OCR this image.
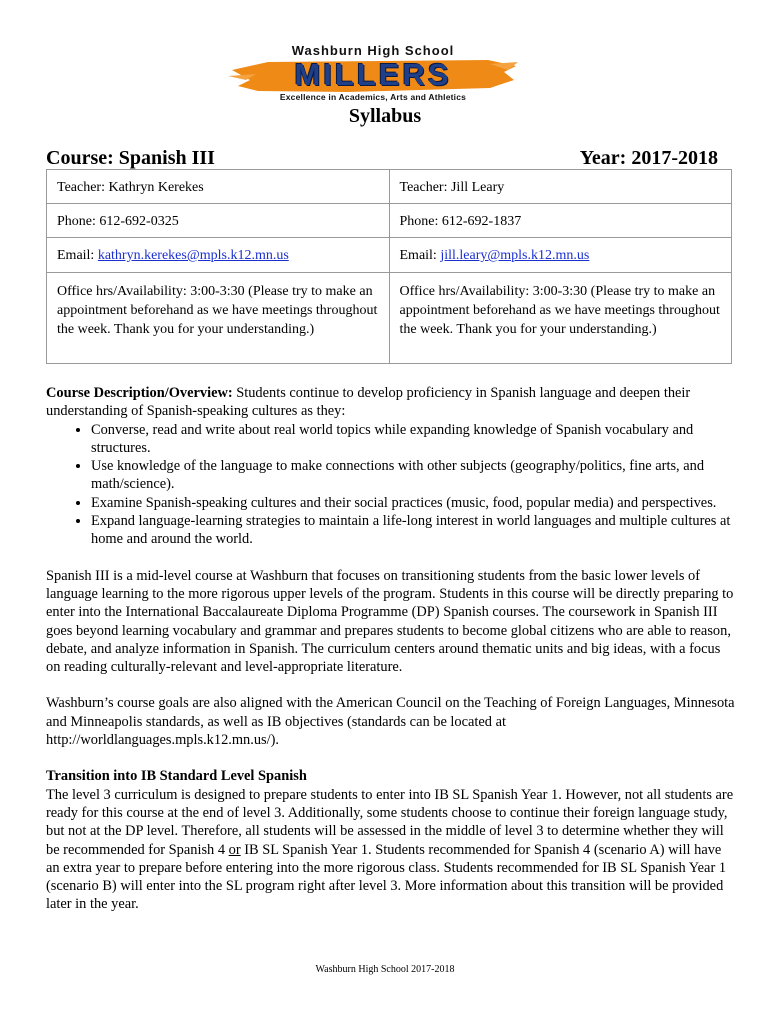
Washburn High School
MILLERS
Excellence in Academics, Arts and Athletics
Syllabus
Course: Spanish III	Year: 2017-2018
Teacher: Kathryn Kerekes	Teacher: Jill Leary
Phone: 612-692-0325	Phone: 612-692-1837
Email: kathryn.kerekes@mpls.k12.mn.us	Email: jill.leary@mpls.k12.mn.us
Office hrs/Availability: 3:00-3:30 (Please try to make an appointment beforehand as we have meetings throughout the week. Thank you for your understanding.)	Office hrs/Availability: 3:00-3:30 (Please try to make an appointment beforehand as we have meetings throughout the week. Thank you for your understanding.)

Course Description/Overview: Students continue to develop proficiency in Spanish language and deepen their understanding of Spanish-speaking cultures as they:

• Converse, read and write about real world topics while expanding knowledge of Spanish vocabulary and structures.
• Use knowledge of the language to make connections with other subjects (geography/politics, fine arts, and math/science).
• Examine Spanish-speaking cultures and their social practices (music, food, popular media) and perspectives.
• Expand language-learning strategies to maintain a life-long interest in world languages and multiple cultures at home and around the world.

Spanish III is a mid-level course at Washburn that focuses on transitioning students from the basic lower levels of language learning to the more rigorous upper levels of the program. Students in this course will be directly preparing to enter into the International Baccalaureate Diploma Programme (DP) Spanish courses. The coursework in Spanish III goes beyond learning vocabulary and grammar and prepares students to become global citizens who are able to reason, debate, and analyze information in Spanish. The curriculum centers around thematic units and big ideas, with a focus on reading culturally-relevant and level-appropriate literature.

Washburn’s course goals are also aligned with the American Council on the Teaching of Foreign Languages, Minnesota and Minneapolis standards, as well as IB objectives (standards can be located at http://worldlanguages.mpls.k12.mn.us/).

Transition into IB Standard Level Spanish

The level 3 curriculum is designed to prepare students to enter into IB SL Spanish Year 1. However, not all students are ready for this course at the end of level 3. Additionally, some students choose to continue their foreign language study, but not at the DP level. Therefore, all students will be assessed in the middle of level 3 to determine whether they will be recommended for Spanish 4 or IB SL Spanish Year 1. Students recommended for Spanish 4 (scenario A) will have an extra year to prepare before entering into the more rigorous class. Students recommended for IB SL Spanish Year 1 (scenario B) will enter into the SL program right after level 3. More information about this transition will be provided later in the year.

Washburn High School 2017-2018
